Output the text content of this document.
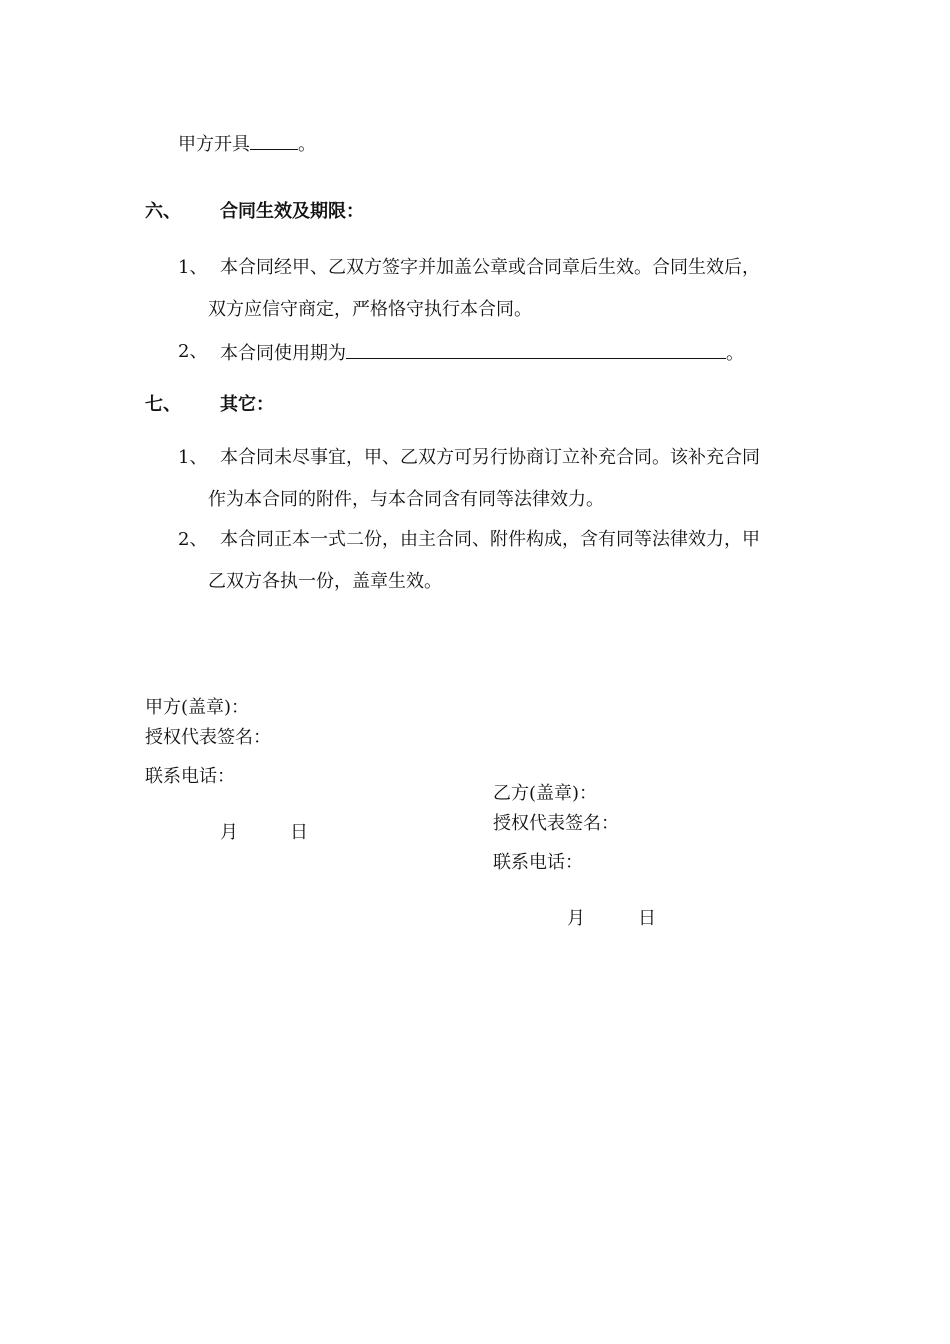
甲方开具	。
六、 合同生效及期限：
1、 本合同经甲、乙双方签字并加盖公章或合同章后生效。合同生效后，
双方应信守商定，严格恪守执行本合同。
2、 本合同使用期为	。
七、 其它：
1、 本合同未尽事宜，甲、乙双方可另行协商订立补充合同。该补充合同
作为本合同的附件，与本合同含有同等法律效力。
2、 本合同正本一式二份，由主合同、附件构成，含有同等法律效力，甲
乙双方各执一份，盖章生效。
甲方(盖章)：
授权代表签名：
联系电话：
月	日
乙方(盖章)：
授权代表签名：
联系电话：
月	日
